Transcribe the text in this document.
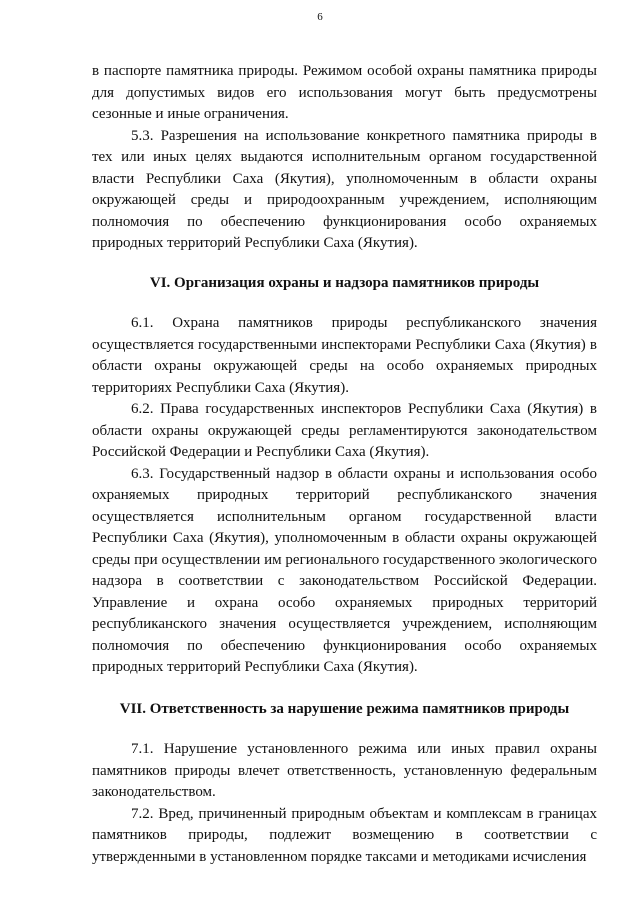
6

в паспорте памятника природы. Режимом особой охраны памятника природы для допустимых видов его использования могут быть предусмотрены сезонные и иные ограничения.

5.3. Разрешения на использование конкретного памятника природы в тех или иных целях выдаются исполнительным органом государственной власти Республики Саха (Якутия), уполномоченным в области охраны окружающей среды и природоохранным учреждением, исполняющим полномочия по обеспечению функционирования особо охраняемых природных территорий Республики Саха (Якутия).

VI. Организация охраны и надзора памятников природы

6.1. Охрана памятников природы республиканского значения осуществляется государственными инспекторами Республики Саха (Якутия) в области охраны окружающей среды на особо охраняемых природных территориях Республики Саха (Якутия).

6.2. Права государственных инспекторов Республики Саха (Якутия) в области охраны окружающей среды регламентируются законодательством Российской Федерации и Республики Саха (Якутия).

6.3. Государственный надзор в области охраны и использования особо охраняемых природных территорий республиканского значения осуществляется исполнительным органом государственной власти Республики Саха (Якутия), уполномоченным в области охраны окружающей среды при осуществлении им регионального государственного экологического надзора в соответствии с законодательством Российской Федерации. Управление и охрана особо охраняемых природных территорий республиканского значения осуществляется учреждением, исполняющим полномочия по обеспечению функционирования особо охраняемых природных территорий Республики Саха (Якутия).

VII. Ответственность за нарушение режима памятников природы

7.1. Нарушение установленного режима или иных правил охраны памятников природы влечет ответственность, установленную федеральным законодательством.

7.2. Вред, причиненный природным объектам и комплексам в границах памятников природы, подлежит возмещению в соответствии с утвержденными в установленном порядке таксами и методиками исчисления
